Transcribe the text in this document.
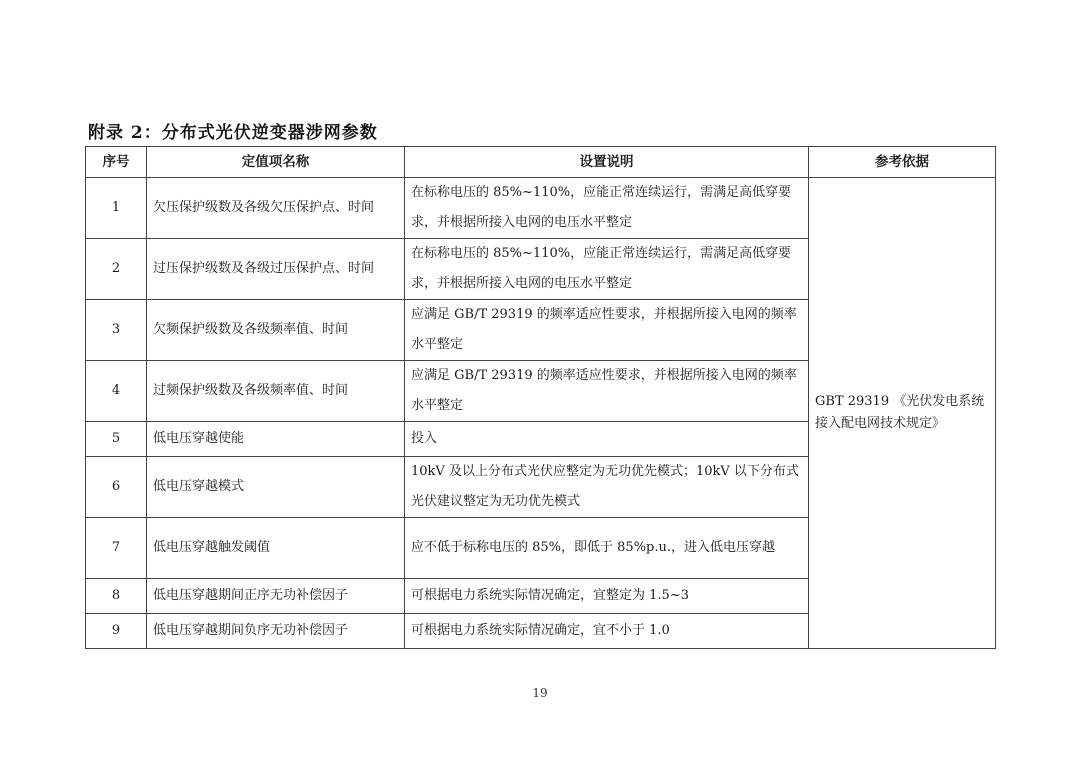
附录 2：分布式光伏逆变器涉网参数
序号	定值项名称	设置说明	参考依据
1	欠压保护级数及各级欠压保护点、时间	在标称电压的 85%~110%，应能正常连续运行，需满足高低穿要求，并根据所接入电网的电压水平整定	GBT 29319 《光伏发电系统接入配电网技术规定》
2	过压保护级数及各级过压保护点、时间	在标称电压的 85%~110%，应能正常连续运行，需满足高低穿要求，并根据所接入电网的电压水平整定	
3	欠频保护级数及各级频率值、时间	应满足 GB/T 29319 的频率适应性要求，并根据所接入电网的频率水平整定	
4	过频保护级数及各级频率值、时间	应满足 GB/T 29319 的频率适应性要求，并根据所接入电网的频率水平整定	
5	低电压穿越使能	投入	
6	低电压穿越模式	10kV 及以上分布式光伏应整定为无功优先模式；10kV 以下分布式光伏建议整定为无功优先模式	
7	低电压穿越触发阈值	应不低于标称电压的 85%，即低于 85%p.u.，进入低电压穿越	
8	低电压穿越期间正序无功补偿因子	可根据电力系统实际情况确定，宜整定为 1.5~3	
9	低电压穿越期间负序无功补偿因子	可根据电力系统实际情况确定，宜不小于 1.0	
19
